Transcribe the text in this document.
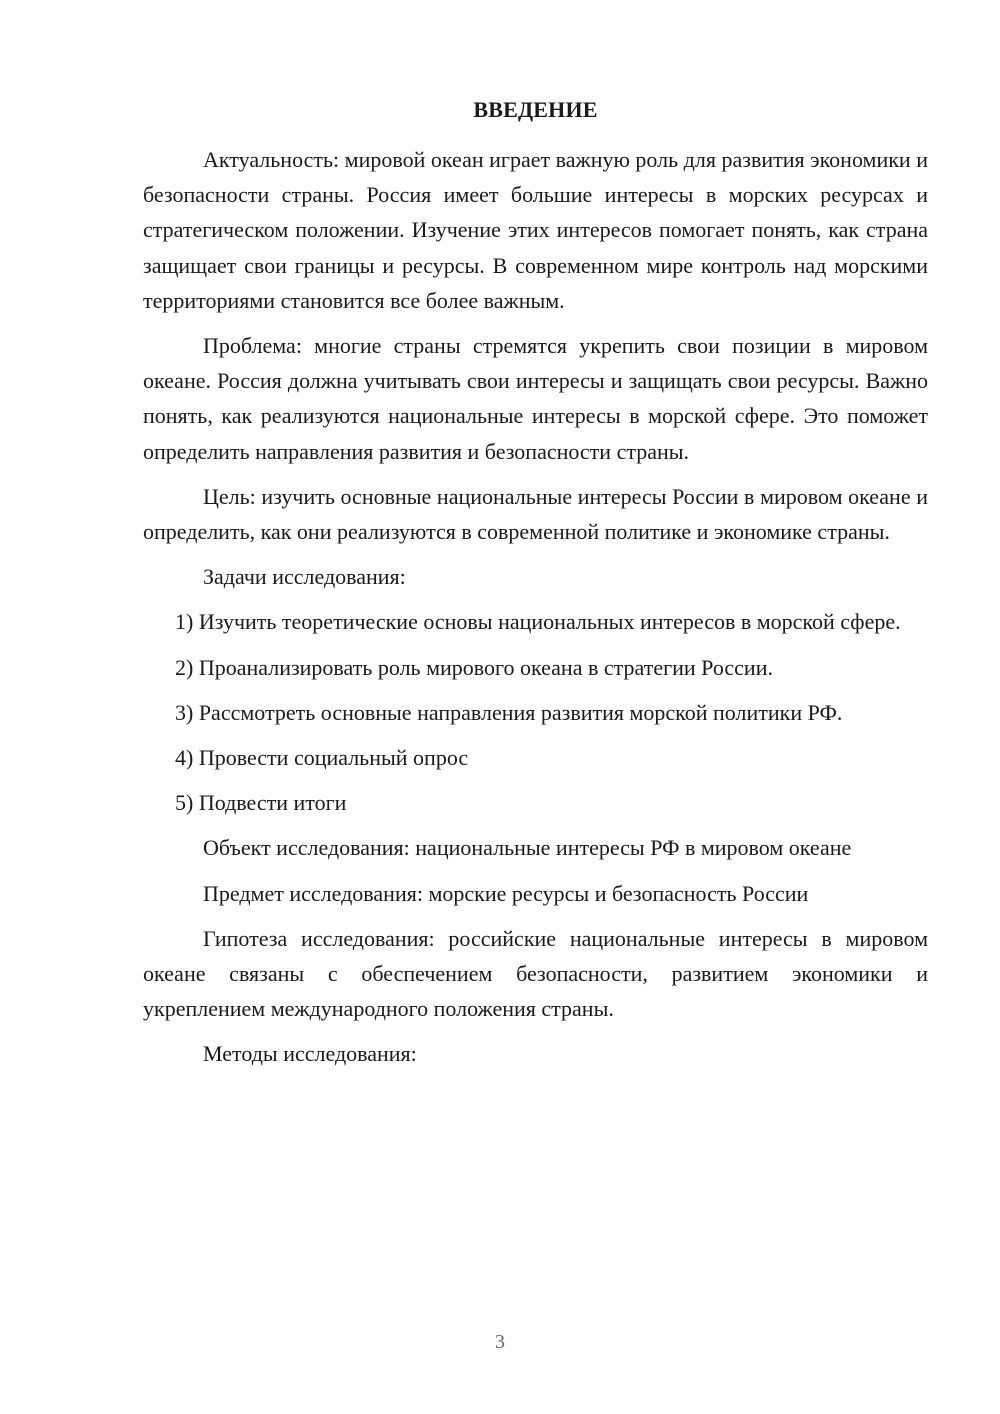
ВВЕДЕНИЕ

Актуальность: мировой океан играет важную роль для развития экономики и безопасности страны. Россия имеет большие интересы в морских ресурсах и стратегическом положении. Изучение этих интересов помогает понять, как страна защищает свои границы и ресурсы. В современном мире контроль над морскими территориями становится все более важным.

Проблема: многие страны стремятся укрепить свои позиции в мировом океане. Россия должна учитывать свои интересы и защищать свои ресурсы. Важно понять, как реализуются национальные интересы в морской сфере. Это поможет определить направления развития и безопасности страны.

Цель: изучить основные национальные интересы России в мировом океане и определить, как они реализуются в современной политике и экономике страны.

Задачи исследования:

1) Изучить теоретические основы национальных интересов в морской сфере.

2) Проанализировать роль мирового океана в стратегии России.

3) Рассмотреть основные направления развития морской политики РФ.

4) Провести социальный опрос

5) Подвести итоги

Объект исследования: национальные интересы РФ в мировом океане

Предмет исследования: морские ресурсы и безопасность России

Гипотеза исследования: российские национальные интересы в мировом океане связаны с обеспечением безопасности, развитием экономики и укреплением международного положения страны.

Методы исследования:

3
